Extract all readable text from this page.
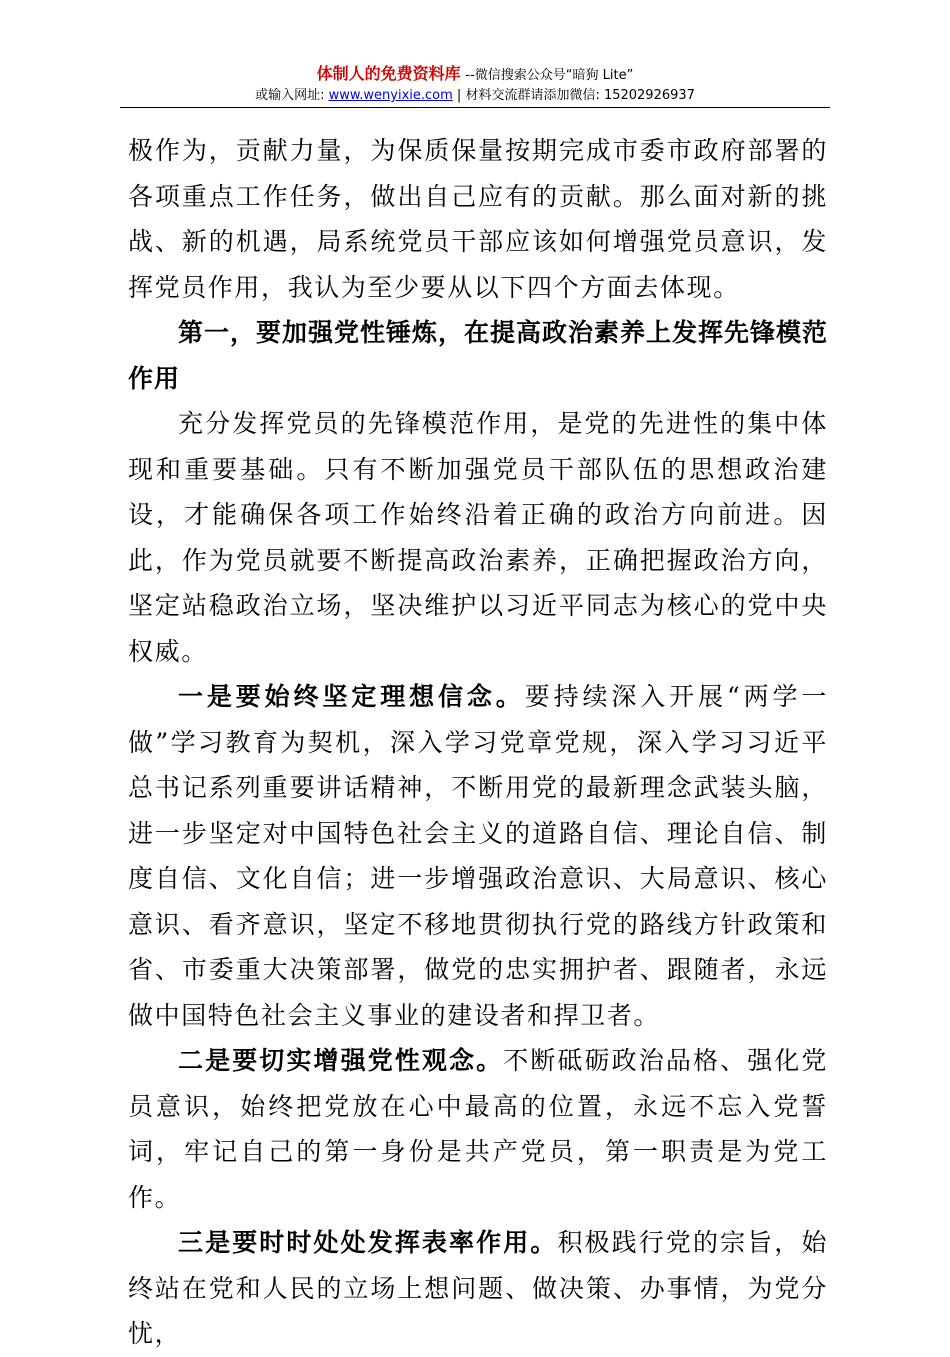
体制人的免费资料库 --微信搜索公众号“暗狗 Lite”
或输入网址: www.wenyixie.com | 材料交流群请添加微信: 15202926937

极作为，贡献力量，为保质保量按期完成市委市政府部署的各项重点工作任务，做出自己应有的贡献。那么面对新的挑战、新的机遇，局系统党员干部应该如何增强党员意识，发挥党员作用，我认为至少要从以下四个方面去体现。

第一，要加强党性锤炼，在提高政治素养上发挥先锋模范作用

充分发挥党员的先锋模范作用，是党的先进性的集中体现和重要基础。只有不断加强党员干部队伍的思想政治建设，才能确保各项工作始终沿着正确的政治方向前进。因此，作为党员就要不断提高政治素养，正确把握政治方向，坚定站稳政治立场，坚决维护以习近平同志为核心的党中央权威。

一是要始终坚定理想信念。要持续深入开展“两学一做”学习教育为契机，深入学习党章党规，深入学习习近平总书记系列重要讲话精神，不断用党的最新理念武装头脑，进一步坚定对中国特色社会主义的道路自信、理论自信、制度自信、文化自信；进一步增强政治意识、大局意识、核心意识、看齐意识，坚定不移地贯彻执行党的路线方针政策和省、市委重大决策部署，做党的忠实拥护者、跟随者，永远做中国特色社会主义事业的建设者和捍卫者。

二是要切实增强党性观念。不断砥砺政治品格、强化党员意识，始终把党放在心中最高的位置，永远不忘入党誓词，牢记自己的第一身份是共产党员，第一职责是为党工作。

三是要时时处处发挥表率作用。积极践行党的宗旨，始终站在党和人民的立场上想问题、做决策、办事情，为党分忧，
